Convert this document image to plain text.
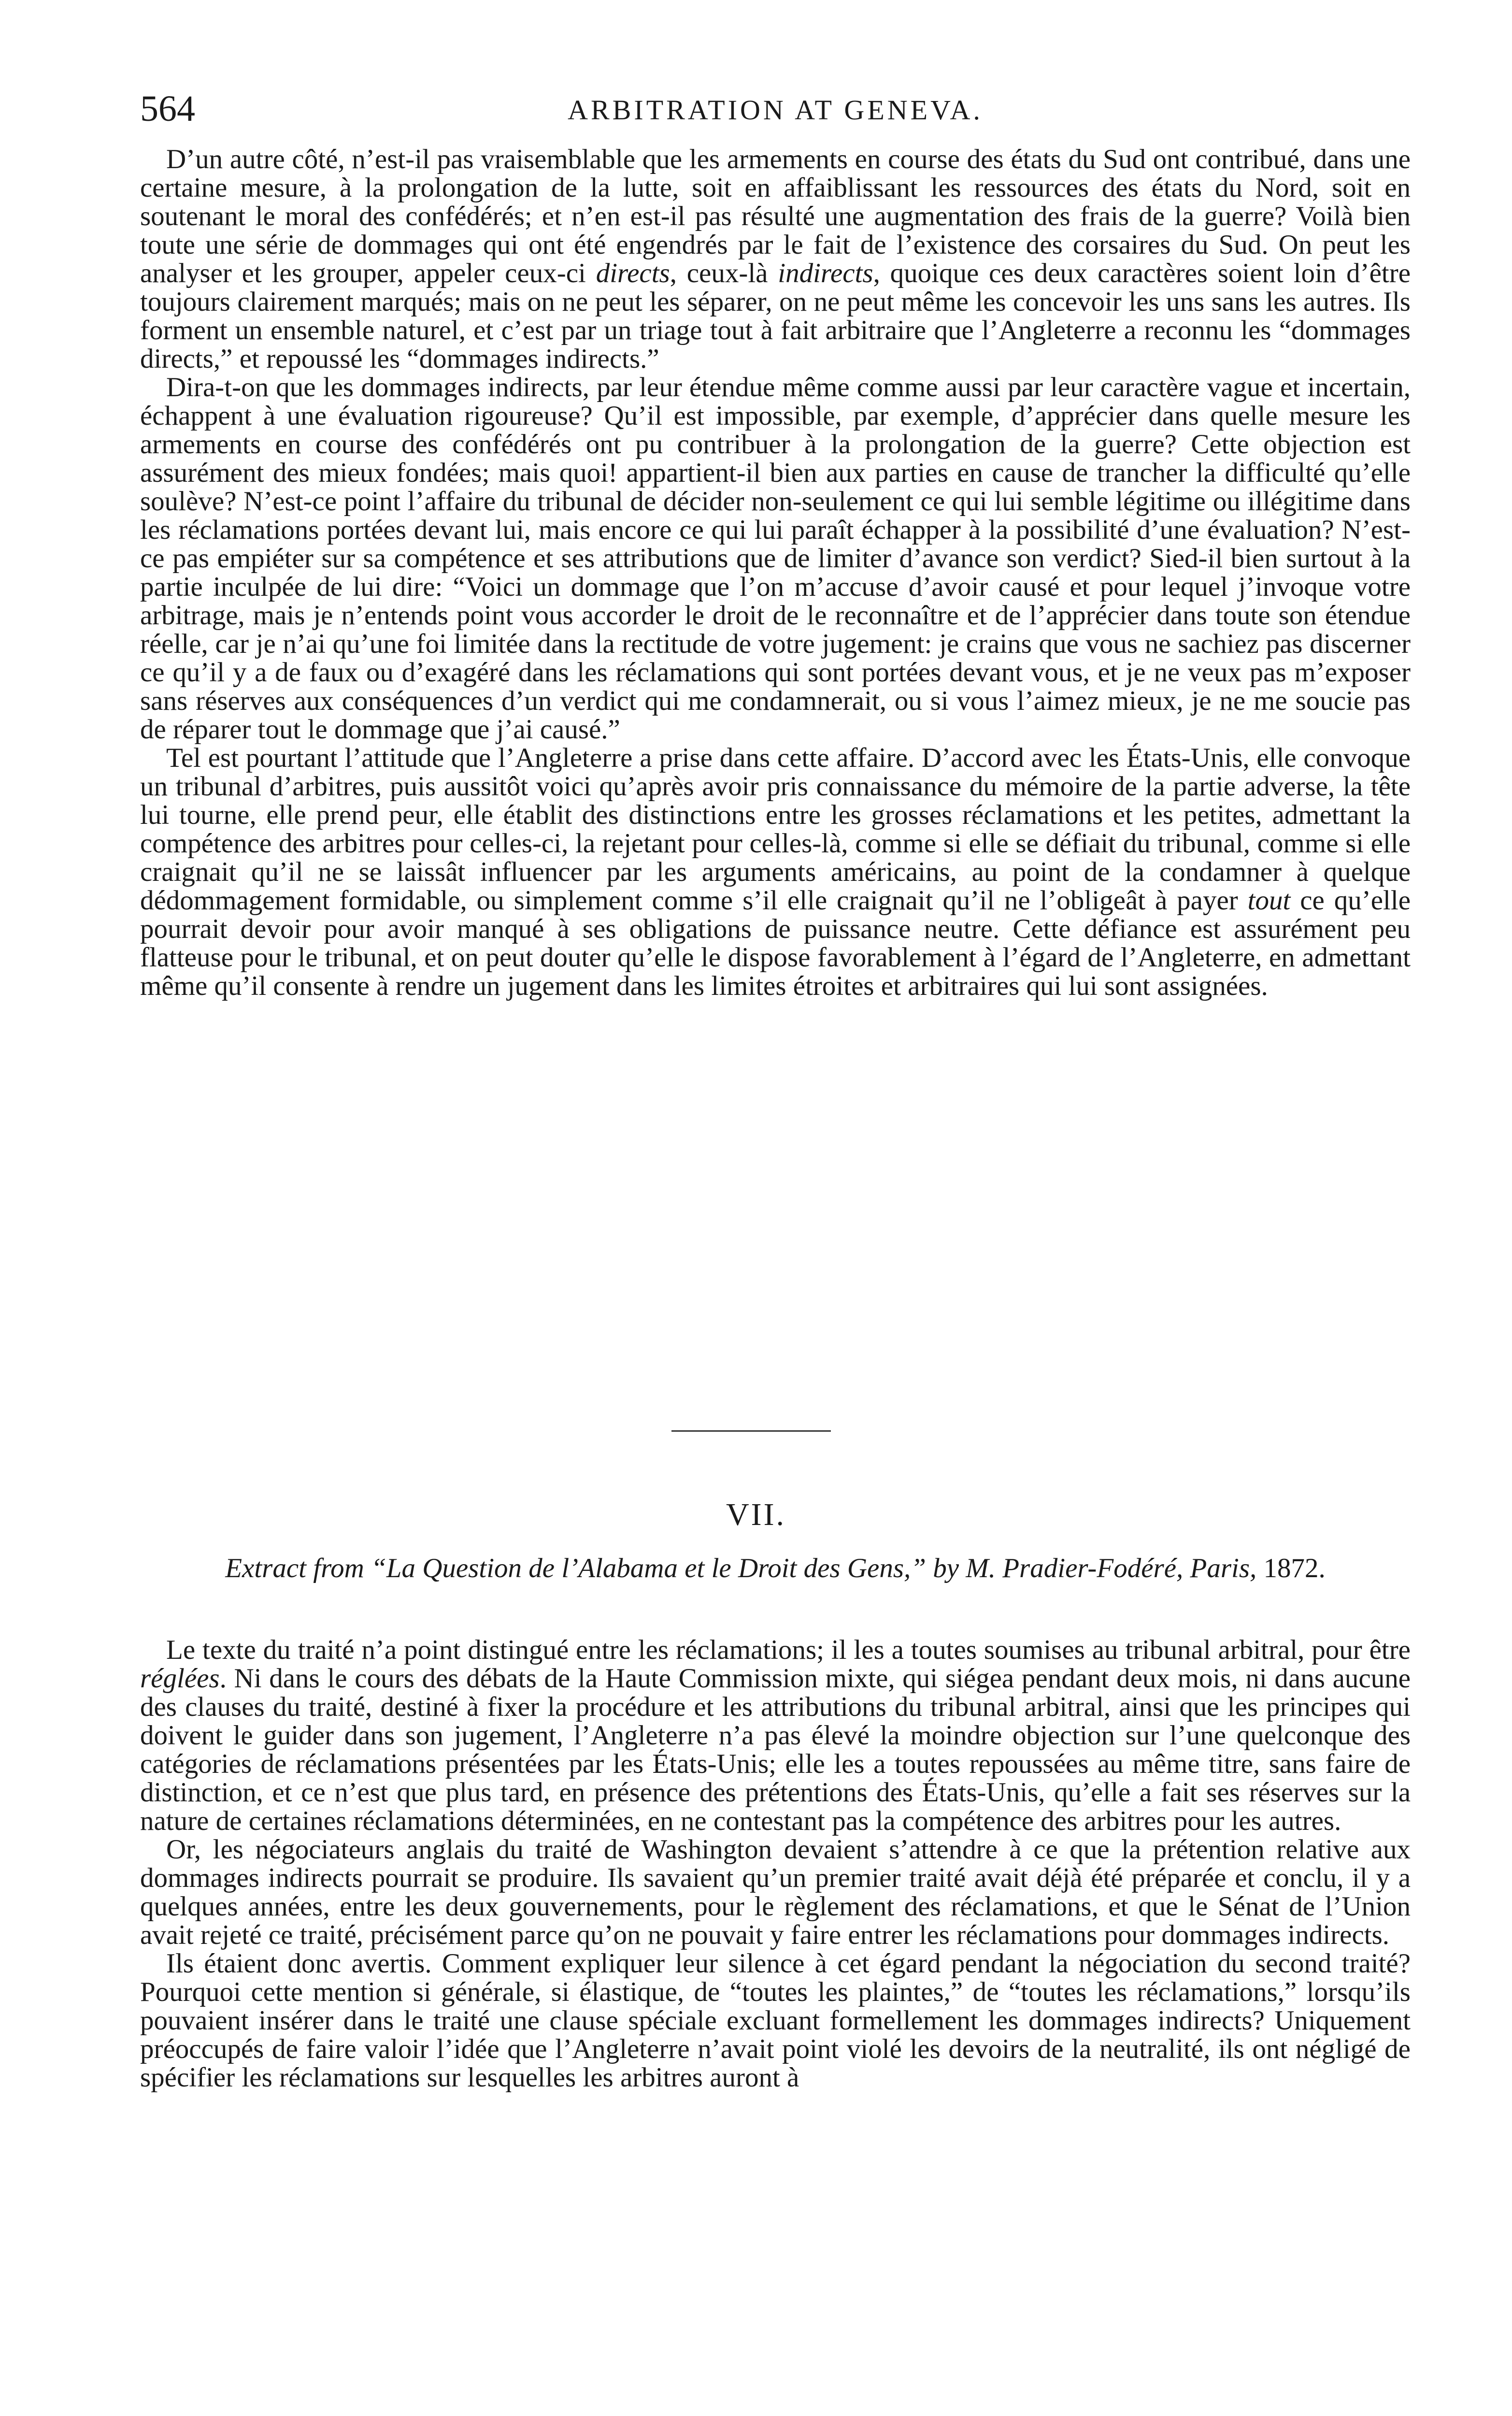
564	ARBITRATION AT GENEVA.

D’un autre côté, n’est-il pas vraisemblable que les armements en course des états du Sud ont contribué, dans une certaine mesure, à la prolongation de la lutte, soit en affaiblissant les ressources des états du Nord, soit en soutenant le moral des confédérés; et n’en est-il pas résulté une augmentation des frais de la guerre? Voilà bien toute une série de dommages qui ont été engendrés par le fait de l’existence des corsaires du Sud. On peut les analyser et les grouper, appeler ceux-ci directs, ceux-là indirects, quoique ces deux caractères soient loin d’être toujours clairement marqués; mais on ne peut les séparer, on ne peut même les concevoir les uns sans les autres. Ils forment un ensemble naturel, et c’est par un triage tout à fait arbitraire que l’Angleterre a reconnu les “dommages directs,” et repoussé les “dommages indirects.”

Dira-t-on que les dommages indirects, par leur étendue même comme aussi par leur caractère vague et incertain, échappent à une évaluation rigoureuse? Qu’il est impossible, par exemple, d’apprécier dans quelle mesure les armements en course des confédérés ont pu contribuer à la prolongation de la guerre? Cette objection est assurément des mieux fondées; mais quoi! appartient-il bien aux parties en cause de trancher la difficulté qu’elle soulève? N’est-ce point l’affaire du tribunal de décider non-seulement ce qui lui semble légitime ou illégitime dans les réclamations portées devant lui, mais encore ce qui lui paraît échapper à la possibilité d’une évaluation? N’est-ce pas empiéter sur sa compétence et ses attributions que de limiter d’avance son verdict? Sied-il bien surtout à la partie inculpée de lui dire: “Voici un dommage que l’on m’accuse d’avoir causé et pour lequel j’invoque votre arbitrage, mais je n’entends point vous accorder le droit de le reconnaître et de l’apprécier dans toute son étendue réelle, car je n’ai qu’une foi limitée dans la rectitude de votre jugement: je crains que vous ne sachiez pas discerner ce qu’il y a de faux ou d’exagéré dans les réclamations qui sont portées devant vous, et je ne veux pas m’exposer sans réserves aux conséquences d’un verdict qui me condamnerait, ou si vous l’aimez mieux, je ne me soucie pas de réparer tout le dommage que j’ai causé.”

Tel est pourtant l’attitude que l’Angleterre a prise dans cette affaire. D’accord avec les États-Unis, elle convoque un tribunal d’arbitres, puis aussitôt voici qu’après avoir pris connaissance du mémoire de la partie adverse, la tête lui tourne, elle prend peur, elle établit des distinctions entre les grosses réclamations et les petites, admettant la compétence des arbitres pour celles-ci, la rejetant pour celles-là, comme si elle se défiait du tribunal, comme si elle craignait qu’il ne se laissât influencer par les arguments américains, au point de la condamner à quelque dédommagement formidable, ou simplement comme s’il elle craignait qu’il ne l’obligeât à payer tout ce qu’elle pourrait devoir pour avoir manqué à ses obligations de puissance neutre. Cette défiance est assurément peu flatteuse pour le tribunal, et on peut douter qu’elle le dispose favorablement à l’égard de l’Angleterre, en admettant même qu’il consente à rendre un jugement dans les limites étroites et arbitraires qui lui sont assignées.

VII.
Extract from “La Question de l’Alabama et le Droit des Gens,” by M. Pradier-Fodéré, Paris, 1872.

Le texte du traité n’a point distingué entre les réclamations; il les a toutes soumises au tribunal arbitral, pour être réglées. Ni dans le cours des débats de la Haute Commission mixte, qui siégea pendant deux mois, ni dans aucune des clauses du traité, destiné à fixer la procédure et les attributions du tribunal arbitral, ainsi que les principes qui doivent le guider dans son jugement, l’Angleterre n’a pas élevé la moindre objection sur l’une quelconque des catégories de réclamations présentées par les États-Unis; elle les a toutes repoussées au même titre, sans faire de distinction, et ce n’est que plus tard, en présence des prétentions des États-Unis, qu’elle a fait ses réserves sur la nature de certaines réclamations déterminées, en ne contestant pas la compétence des arbitres pour les autres.

Or, les négociateurs anglais du traité de Washington devaient s’attendre à ce que la prétention relative aux dommages indirects pourrait se produire. Ils savaient qu’un premier traité avait déjà été préparée et conclu, il y a quelques années, entre les deux gouvernements, pour le règlement des réclamations, et que le Sénat de l’Union avait rejeté ce traité, précisément parce qu’on ne pouvait y faire entrer les réclamations pour dommages indirects.

Ils étaient donc avertis. Comment expliquer leur silence à cet égard pendant la négociation du second traité? Pourquoi cette mention si générale, si élastique, de “toutes les plaintes,” de “toutes les réclamations,” lorsqu’ils pouvaient insérer dans le traité une clause spéciale excluant formellement les dommages indirects? Uniquement préoccupés de faire valoir l’idée que l’Angleterre n’avait point violé les devoirs de la neutralité, ils ont négligé de spécifier les réclamations sur lesquelles les arbitres auront à
